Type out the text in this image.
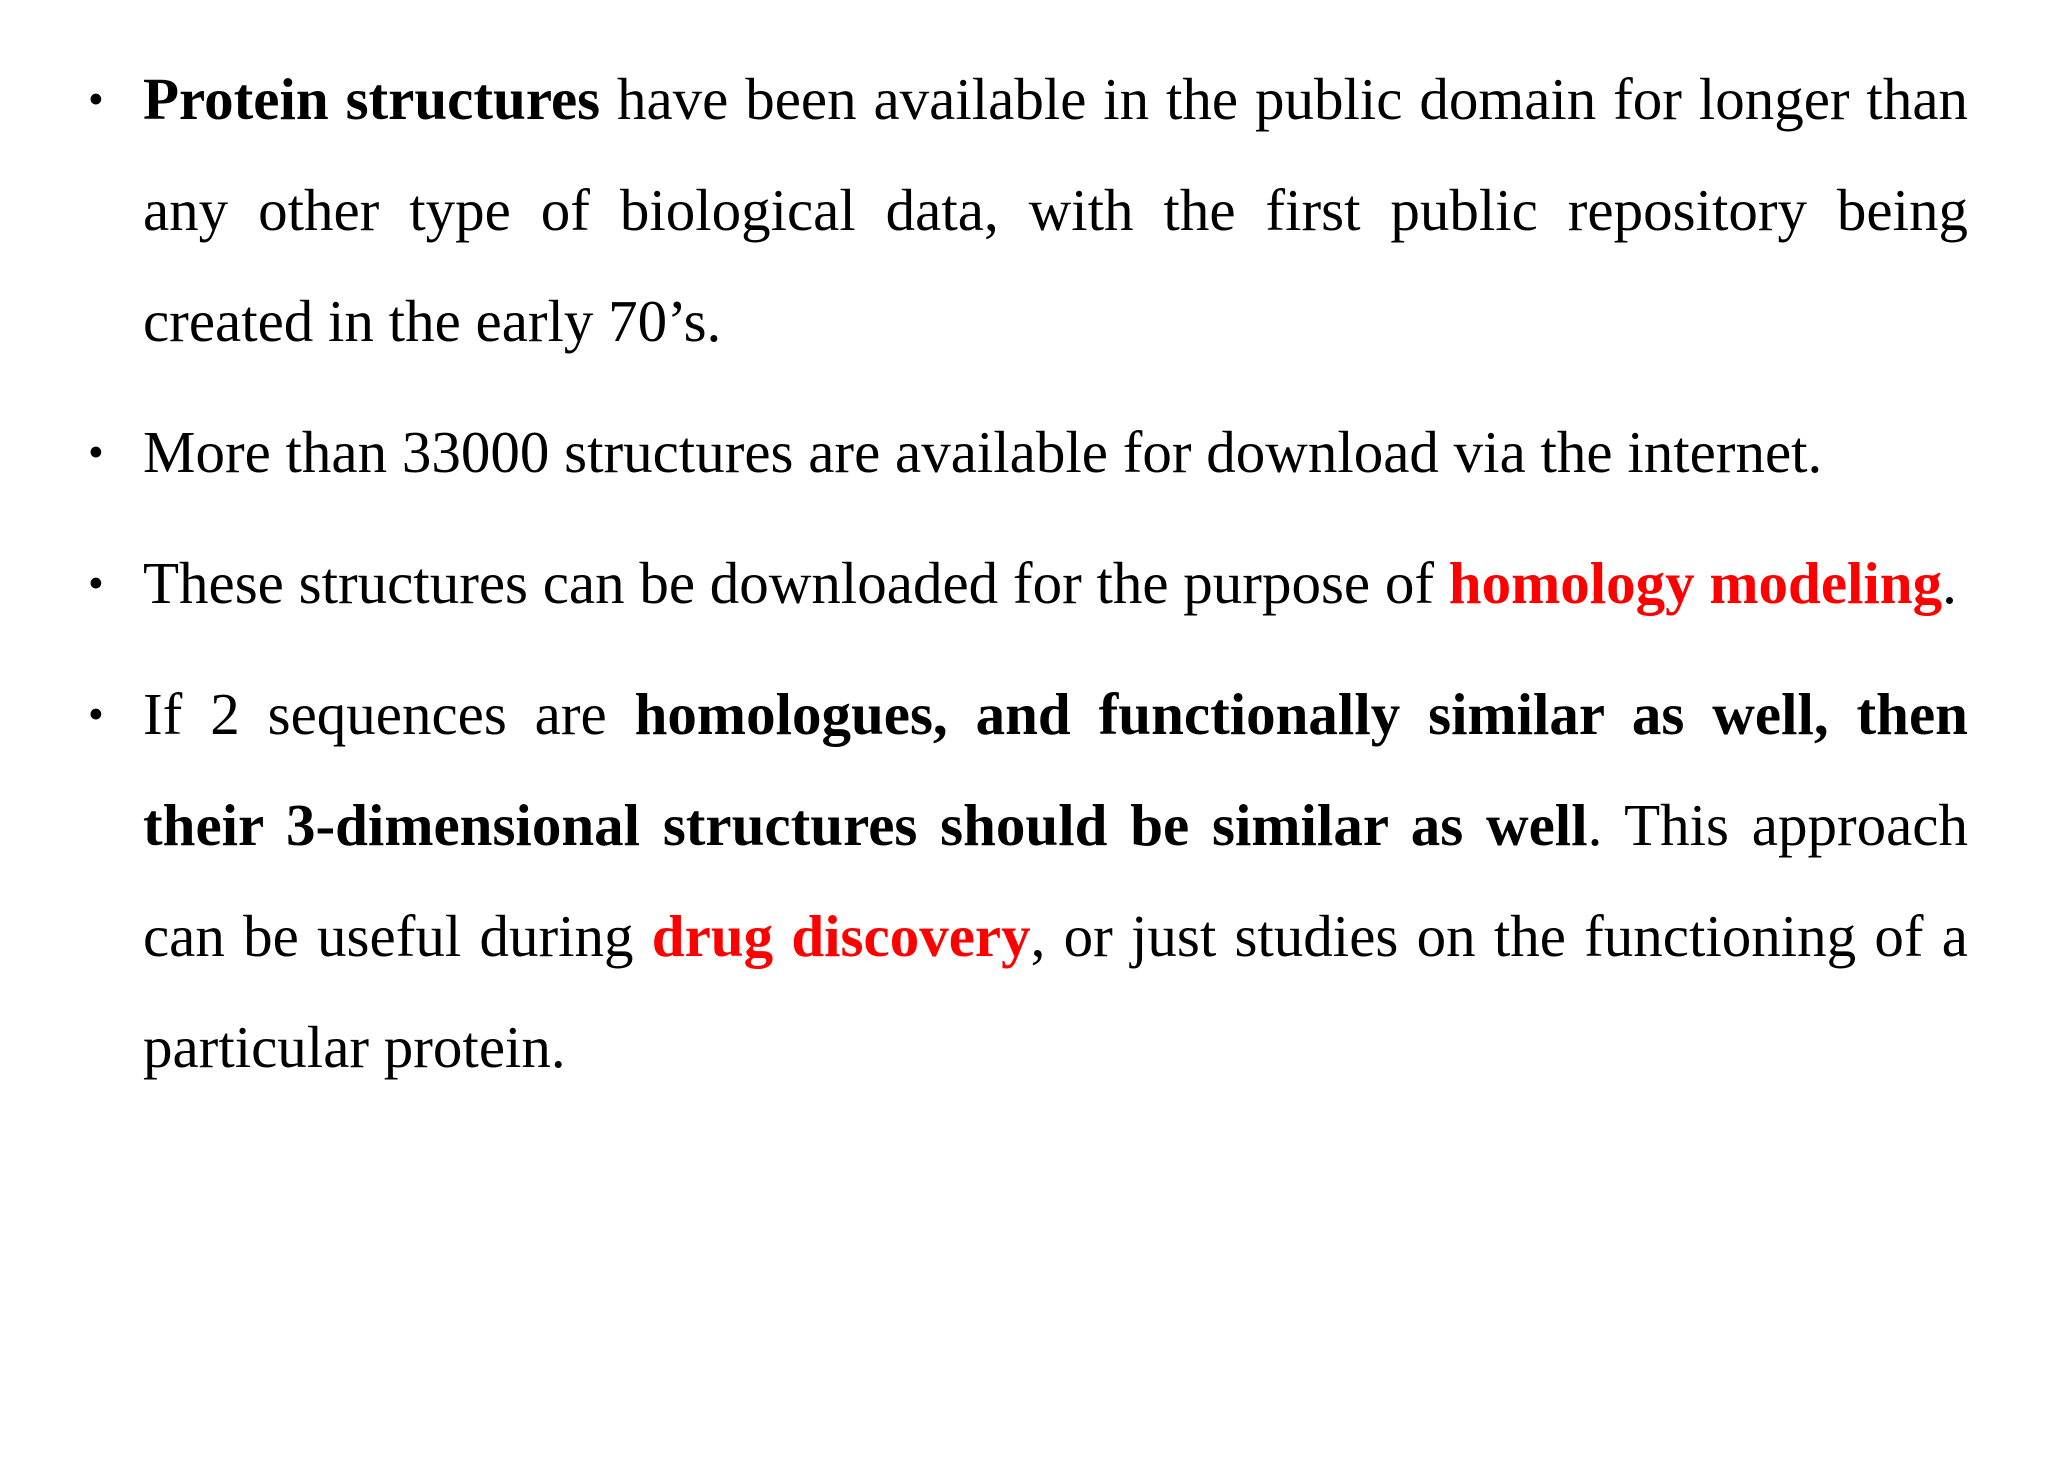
• Protein structures have been available in the public domain for longer than any other type of biological data, with the first public repository being created in the early 70’s.
• More than 33000 structures are available for download via the internet.
• These structures can be downloaded for the purpose of homology modeling.
• If 2 sequences are homologues, and functionally similar as well, then their 3-dimensional structures should be similar as well. This approach can be useful during drug discovery, or just studies on the functioning of a particular protein.
